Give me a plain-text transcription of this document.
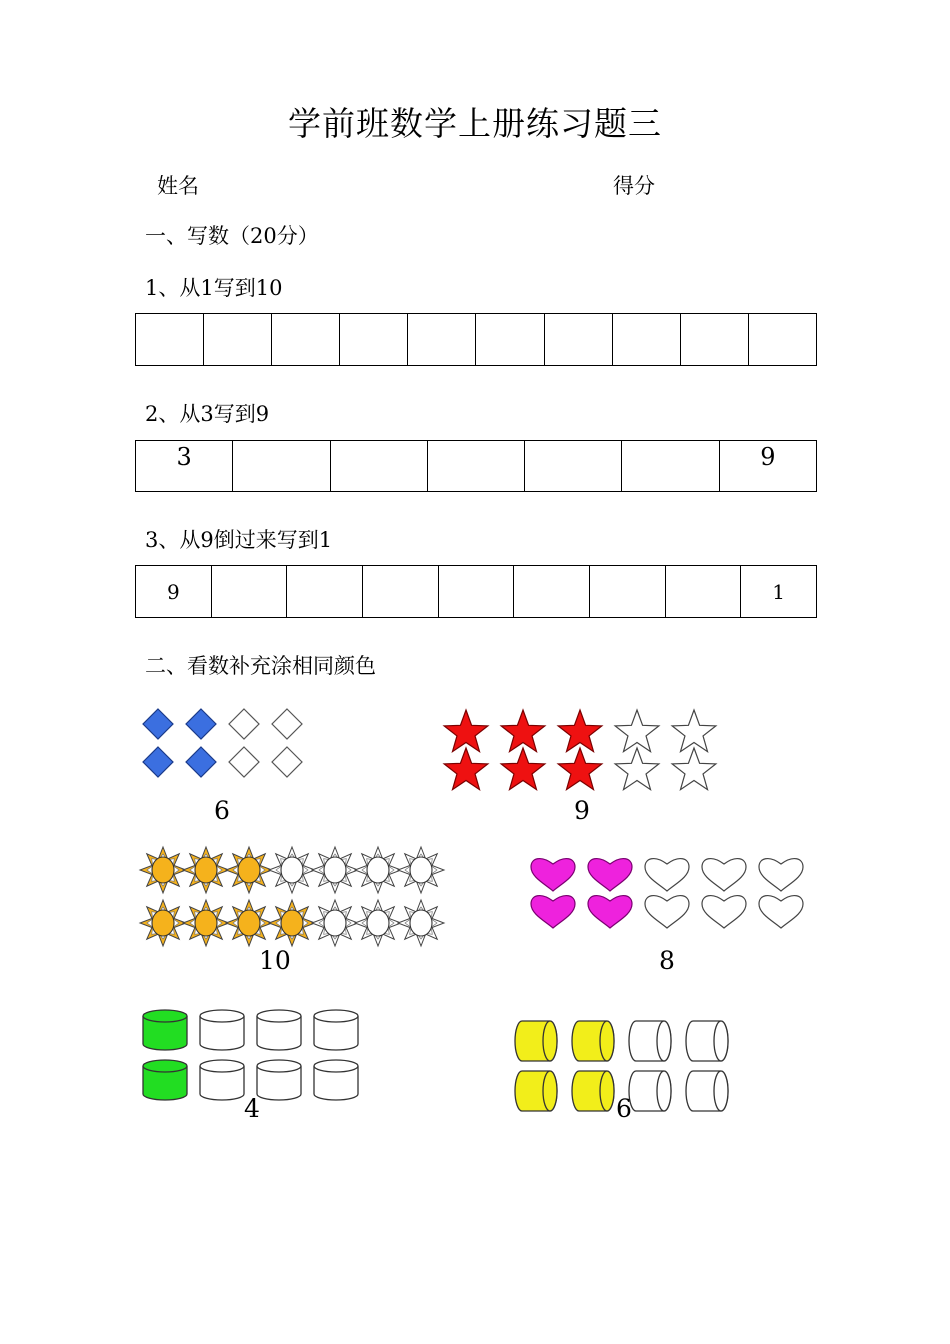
学前班数学上册练习题三
姓名	得分
一、写数（20分）
1、从1写到10

2、从3写到9
3						9
3、从9倒过来写到1
9								1
二、看数补充涂相同颜色
6	9
10	8
4	6
